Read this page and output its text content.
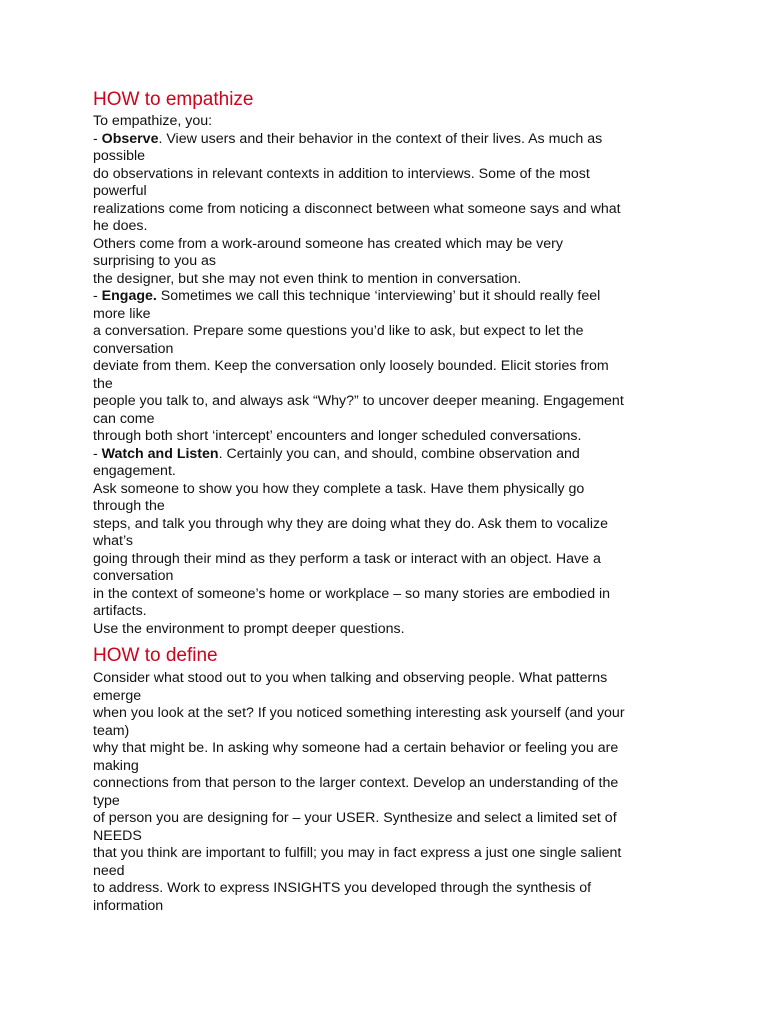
HOW to empathize
To empathize, you:
- Observe. View users and their behavior in the context of their lives. As much as
possible
do observations in relevant contexts in addition to interviews. Some of the most
powerful
realizations come from noticing a disconnect between what someone says and what
he does.
Others come from a work-around someone has created which may be very
surprising to you as
the designer, but she may not even think to mention in conversation.
- Engage. Sometimes we call this technique ‘interviewing’ but it should really feel
more like
a conversation. Prepare some questions you’d like to ask, but expect to let the
conversation
deviate from them. Keep the conversation only loosely bounded. Elicit stories from
the
people you talk to, and always ask “Why?” to uncover deeper meaning. Engagement
can come
through both short ‘intercept’ encounters and longer scheduled conversations.
- Watch and Listen. Certainly you can, and should, combine observation and
engagement.
Ask someone to show you how they complete a task. Have them physically go
through the
steps, and talk you through why they are doing what they do. Ask them to vocalize
what’s
going through their mind as they perform a task or interact with an object. Have a
conversation
in the context of someone’s home or workplace – so many stories are embodied in
artifacts.
Use the environment to prompt deeper questions.
HOW to define
Consider what stood out to you when talking and observing people. What patterns
emerge
when you look at the set? If you noticed something interesting ask yourself (and your
team)
why that might be. In asking why someone had a certain behavior or feeling you are
making
connections from that person to the larger context. Develop an understanding of the
type
of person you are designing for – your USER. Synthesize and select a limited set of
NEEDS
that you think are important to fulfill; you may in fact express a just one single salient
need
to address. Work to express INSIGHTS you developed through the synthesis of
information
